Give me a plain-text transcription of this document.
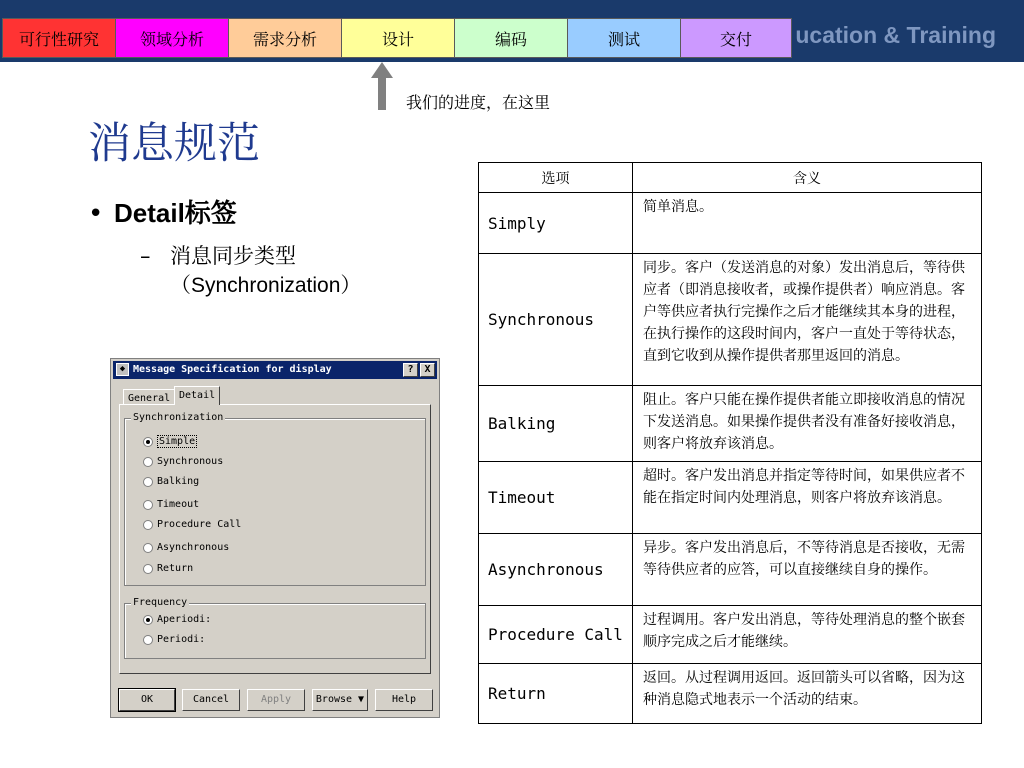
可行性研究	领域分析	需求分析	设计	编码	测试	交付	ucation & Training
我们的进度，在这里
消息规范
• Detail标签
– 消息同步类型
（Synchronization）
◆ Message Specification for display	?	X
General Detail
Synchronization
Simple
Synchronous
Balking
Timeout
Procedure Call
Asynchronous
Return
Frequency
Aperiodi:
Periodi:
OK	Cancel	Apply	Browse ▼	Help
选项	含义
Simply	简单消息。
Synchronous	同步。客户（发送消息的对象）发出消息后，等待供应者（即消息接收者，或操作提供者）响应消息。客户等供应者执行完操作之后才能继续其本身的进程，在执行操作的这段时间内，客户一直处于等待状态，直到它收到从操作提供者那里返回的消息。
Balking	阻止。客户只能在操作提供者能立即接收消息的情况下发送消息。如果操作提供者没有准备好接收消息，则客户将放弃该消息。
Timeout	超时。客户发出消息并指定等待时间，如果供应者不能在指定时间内处理消息，则客户将放弃该消息。
Asynchronous	异步。客户发出消息后，不等待消息是否接收，无需等待供应者的应答，可以直接继续自身的操作。
Procedure Call	过程调用。客户发出消息，等待处理消息的整个嵌套顺序完成之后才能继续。
Return	返回。从过程调用返回。返回箭头可以省略，因为这种消息隐式地表示一个活动的结束。
